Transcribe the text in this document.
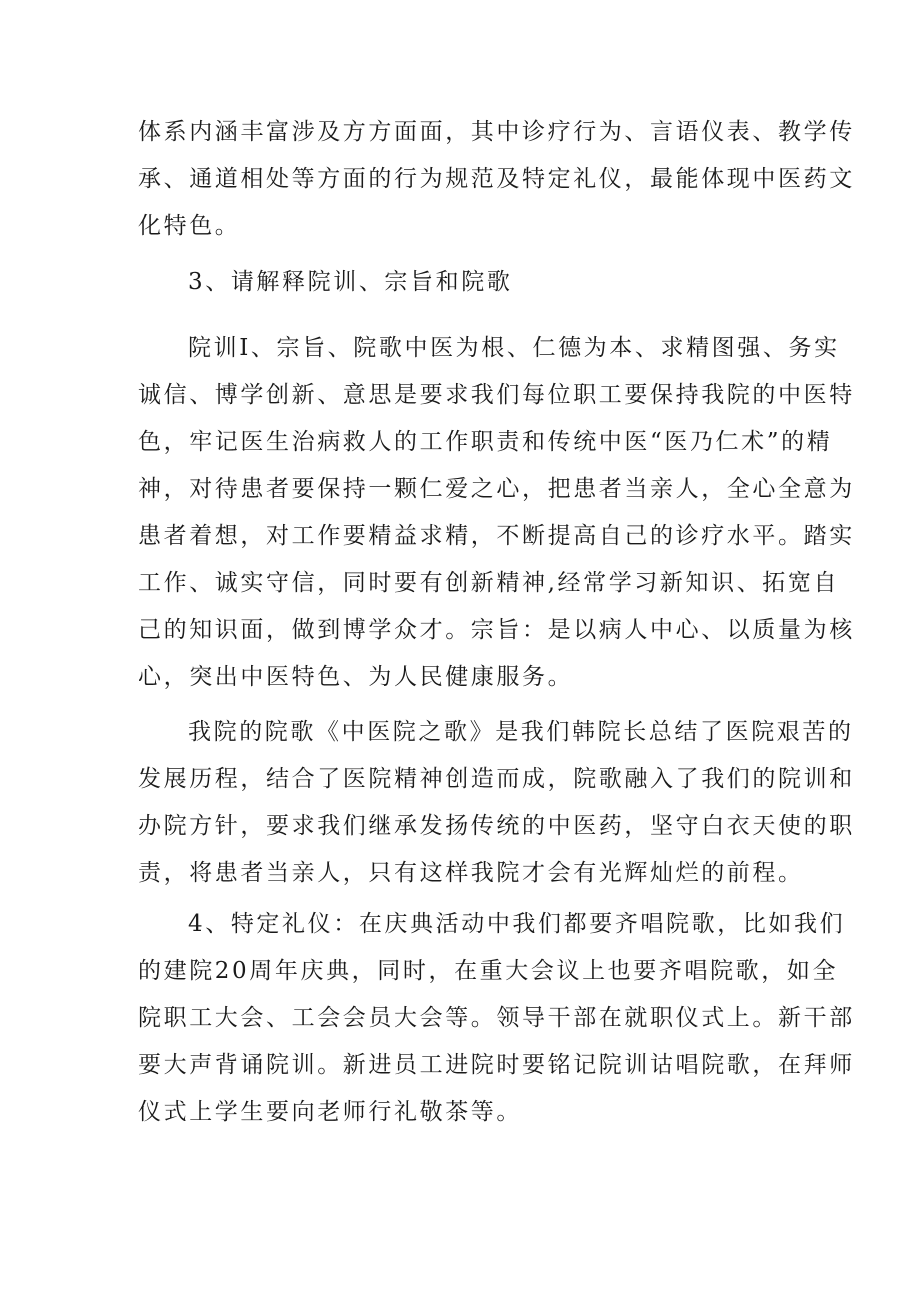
体系内涵丰富涉及方方面面，其中诊疗行为、言语仪表、教学传
承、通道相处等方面的行为规范及特定礼仪，最能体现中医药文
化特色。
3、请解释院训、宗旨和院歌
院训I、宗旨、院歌中医为根、仁德为本、求精图强、务实
诚信、博学创新、意思是要求我们每位职工要保持我院的中医特
色，牢记医生治病救人的工作职责和传统中医“医乃仁术”的精
神，对待患者要保持一颗仁爱之心，把患者当亲人，全心全意为
患者着想，对工作要精益求精，不断提高自己的诊疗水平。踏实
工作、诚实守信，同时要有创新精神,经常学习新知识、拓宽自
己的知识面，做到博学众才。宗旨：是以病人中心、以质量为核
心，突出中医特色、为人民健康服务。
我院的院歌《中医院之歌》是我们韩院长总结了医院艰苦的
发展历程，结合了医院精神创造而成，院歌融入了我们的院训和
办院方针，要求我们继承发扬传统的中医药，坚守白衣天使的职
责，将患者当亲人，只有这样我院才会有光辉灿烂的前程。
4、特定礼仪：在庆典活动中我们都要齐唱院歌，比如我们
的建院20周年庆典，同时，在重大会议上也要齐唱院歌，如全
院职工大会、工会会员大会等。领导干部在就职仪式上。新干部
要大声背诵院训。新进员工进院时要铭记院训诂唱院歌，在拜师
仪式上学生要向老师行礼敬茶等。
